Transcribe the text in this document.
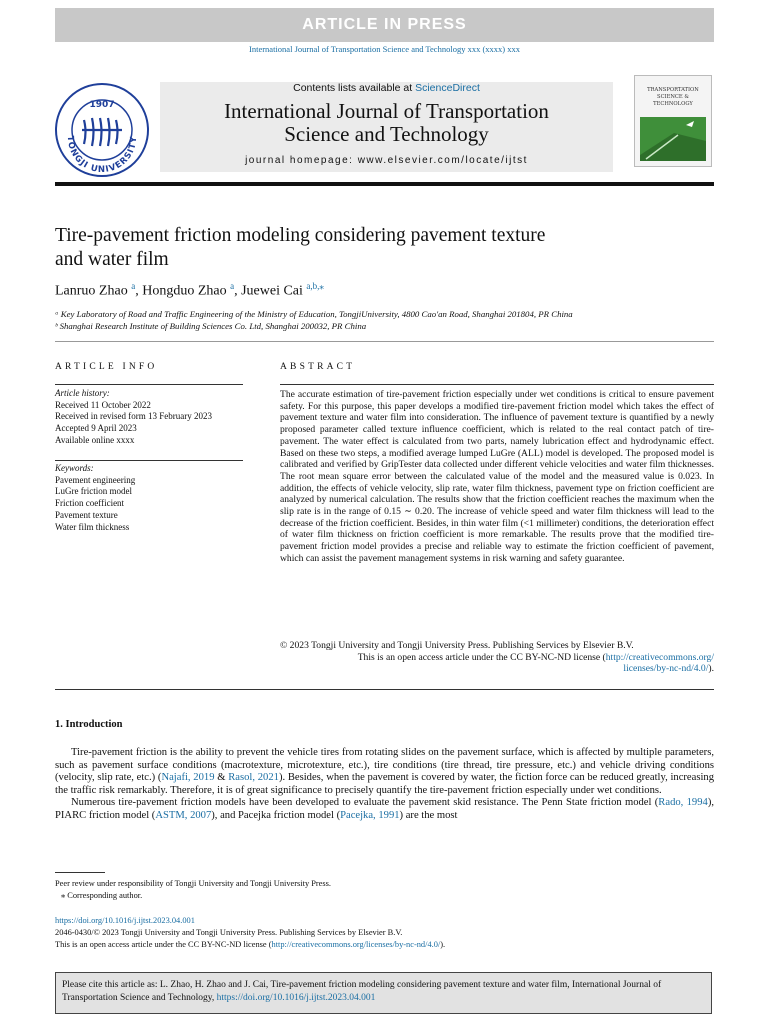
ARTICLE IN PRESS
International Journal of Transportation Science and Technology xxx (xxxx) xxx
TONGJI UNIVERSITY
1907
Contents lists available at ScienceDirect
International Journal of Transportation
Science and Technology
journal homepage: www.elsevier.com/locate/ijtst
TRANSPORTATION
SCIENCE &
TECHNOLOGY
Tire-pavement friction modeling considering pavement texture
and water film
Lanruo Zhao $^a$, Hongduo Zhao $^a$, Juewei Cai $^{a,b,⁎}$
ᵃ Key Laboratory of Road and Traffic Engineering of the Ministry of Education, TongjiUniversity, 4800 Cao'an Road, Shanghai 201804, PR China
ᵇ Shanghai Research Institute of Building Sciences Co. Ltd, Shanghai 200032, PR China
ARTICLE INFO	ABSTRACT
Article history:
Received 11 October 2022
Received in revised form 13 February 2023
Accepted 9 April 2023
Available online xxxx
Keywords:
Pavement engineering
LuGre friction model
Friction coefficient
Pavement texture
Water film thickness
The accurate estimation of tire-pavement friction especially under wet conditions is critical to ensure pavement safety. For this purpose, this paper develops a modified tire-pavement friction model which takes the effect of pavement texture and water film into consideration. The influence of pavement texture is quantified by a newly proposed parameter called texture influence coefficient, which is related to the real contact patch of tire-pavement. The water effect is calculated from two parts, namely lubrication effect and hydrodynamic effect. Based on these two steps, a modified average lumped LuGre (ALL) model is developed. The proposed model is calibrated and verified by GripTester data collected under different vehicle velocities and water film thicknesses. The root mean square error between the calculated value of the model and the measured value is 0.023. In addition, the effects of vehicle velocity, slip rate, water film thickness, pavement type on friction coefficient are analyzed by numerical calculation. The results show that the friction coefficient reaches the maximum when the slip rate is in the range of 0.15 ∼ 0.20. The increase of vehicle speed and water film thickness will lead to the decrease of the friction coefficient. Besides, in thin water film (<1 millimeter) conditions, the deterioration effect of water film thickness on friction coefficient is more remarkable. The results prove that the modified tire-pavement friction model provides a precise and reliable way to estimate the friction coefficient of pavement, which can assist the pavement management systems in risk warning and safety guarantee.
© 2023 Tongji University and Tongji University Press. Publishing Services by Elsevier B.V.
This is an open access article under the CC BY-NC-ND license (http://creativecommons.org/
licenses/by-nc-nd/4.0/).
1. Introduction

Tire-pavement friction is the ability to prevent the vehicle tires from rotating slides on the pavement surface, which is affected by multiple parameters, such as pavement surface conditions (macrotexture, microtexture, etc.), tire conditions (tire thread, tire pressure, etc.) and vehicle driving conditions (velocity, slip rate, etc.) (Najafi, 2019 & Rasol, 2021). Besides, when the pavement is covered by water, the fiction force can be reduced greatly, increasing the traffic risk remarkably. Therefore, it is of great significance to precisely quantify the tire-pavement friction especially under wet conditions.

Numerous tire-pavement friction models have been developed to evaluate the pavement skid resistance. The Penn State friction model (Rado, 1994), PIARC friction model (ASTM, 2007), and Pacejka friction model (Pacejka, 1991) are the most

Peer review under responsibility of Tongji University and Tongji University Press.
⁎ Corresponding author.
https://doi.org/10.1016/j.ijtst.2023.04.001
2046-0430/© 2023 Tongji University and Tongji University Press. Publishing Services by Elsevier B.V.
This is an open access article under the CC BY-NC-ND license (http://creativecommons.org/licenses/by-nc-nd/4.0/).
Please cite this article as: L. Zhao, H. Zhao and J. Cai, Tire-pavement friction modeling considering pavement texture and water film, International Journal of Transportation Science and Technology, https://doi.org/10.1016/j.ijtst.2023.04.001
